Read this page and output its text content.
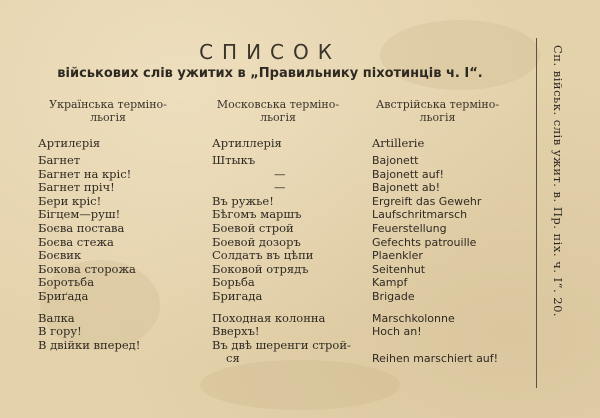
СПИСОК
військових слів ужитих в „Правильнику піхотинців ч. I“.
Українська терміно-
льогія
Московська терміно-
льогія
Австрійська терміно-
льогія
Артилєрія	Артиллерія	Artillerie
Багнет
Багнет на кріс!
Багнет пріч!
Бери кріс!
Бігцем—руш!
Боєва постава
Боєва стежа
Боєвик
Бокова сторожа
Боротьба
Бриґада
Валка
В гору!
В двійки вперед!
Штыкъ
—
—
Въ ружье!
Бѣгомъ маршъ
Боевой строй
Боевой дозоръ
Солдатъ въ цѣпи
Боковой отрядъ
Борьба
Бригада
Походная колонна
Вверхъ!
Въ двѣ шеренги строй-
ся
Bajonett
Bajonett auf!
Bajonett ab!
Ergreift das Gewehr
Laufschritmarsch
Feuerstellung
Gefechts patrouille
Plaenkler
Seitenhut
Kampf
Brigade
Marschkolonne
Hoch an!
Reihen marschiert auf!
Сп. військ. слів ужит. в. Пр. піх. ч. І“. 20.
